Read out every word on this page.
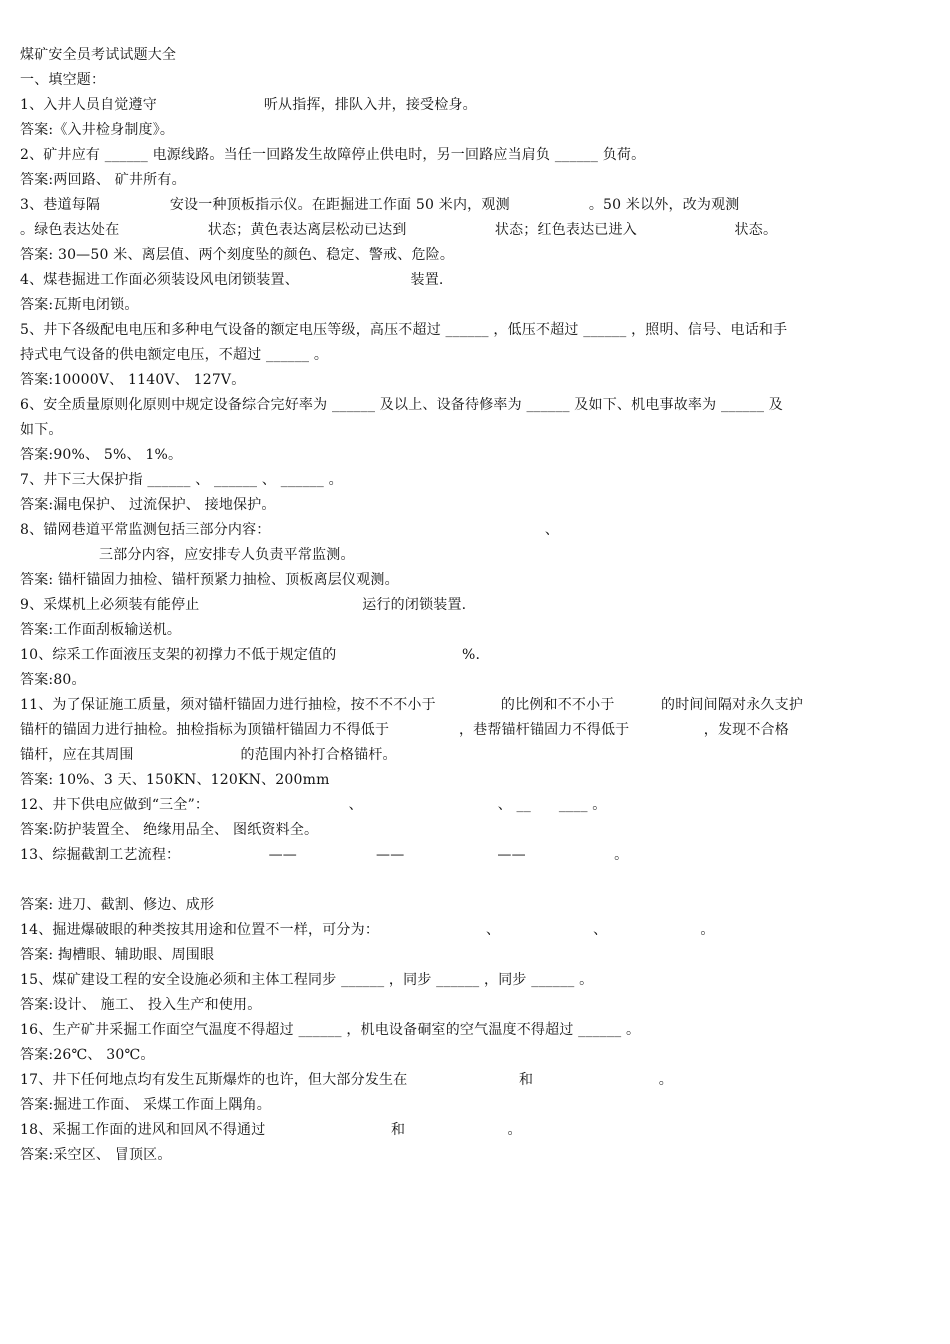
煤矿安全员考试试题大全
一、填空题：
1、入井人员自觉遵守                       听从指挥，排队入井，接受检身。
答案:《入井检身制度》。
2、矿井应有 ______ 电源线路。当任一回路发生故障停止供电时，另一回路应当肩负 ______ 负荷。
答案:两回路、 矿井所有。
3、巷道每隔               安设一种顶板指示仪。在距掘进工作面 50 米内，观测                 。50 米以外，改为观测
。绿色表达处在                   状态；黄色表达离层松动已达到                   状态；红色表达已进入                     状态。
答案: 30—50 米、离层值、两个刻度坠的颜色、稳定、警戒、危险。
4、煤巷掘进工作面必须装设风电闭锁装置、                        装置.
答案:瓦斯电闭锁。
5、井下各级配电电压和多种电气设备的额定电压等级，高压不超过 ______ ，低压不超过 ______ ，照明、信号、电话和手
持式电气设备的供电额定电压，不超过 ______ 。
答案:10000V、 1140V、 127V。
6、安全质量原则化原则中规定设备综合完好率为 ______ 及以上、设备待修率为 ______ 及如下、机电事故率为 ______ 及
如下。
答案:90%、 5%、 1%。
7、井下三大保护指 ______ 、 ______ 、 ______ 。
答案:漏电保护、 过流保护、 接地保护。
8、锚网巷道平常监测包括三部分内容：                                                           、
三部分内容，应安排专人负责平常监测。
答案: 锚杆锚固力抽检、锚杆预紧力抽检、顶板离层仪观测。
9、采煤机上必须装有能停止                                   运行的闭锁装置.
答案:工作面刮板输送机。
10、综采工作面液压支架的初撑力不低于规定值的                           %.
答案:80。
11、为了保证施工质量，须对锚杆锚固力进行抽检，按不不不小于              的比例和不不小于          的时间间隔对永久支护
锚杆的锚固力进行抽检。抽检指标为顶锚杆锚固力不得低于               ，巷帮锚杆锚固力不得低于                ，发现不合格
锚杆，应在其周围                       的范围内补打合格锚杆。
答案: 10%、3 天、150KN、120KN、200mm
12、井下供电应做到“三全”：                              、                             、 __      ____ 。
答案:防护装置全、 绝缘用品全、 图纸资料全。
13、综掘截割工艺流程：                   ——                 ——                    ——                   。
答案: 进刀、截割、修边、成形
14、掘进爆破眼的种类按其用途和位置不一样，可分为：                       、                    、                    。
答案: 掏槽眼、辅助眼、周围眼
15、煤矿建设工程的安全设施必须和主体工程同步 ______ ，同步 ______ ，同步 ______ 。
答案:设计、 施工、 投入生产和使用。
16、生产矿井采掘工作面空气温度不得超过 ______ ，机电设备硐室的空气温度不得超过 ______ 。
答案:26℃、 30℃。
17、井下任何地点均有发生瓦斯爆炸的也许，但大部分发生在                        和                           。
答案:掘进工作面、 采煤工作面上隅角。
18、采掘工作面的进风和回风不得通过                           和                      。
答案:采空区、 冒顶区。
